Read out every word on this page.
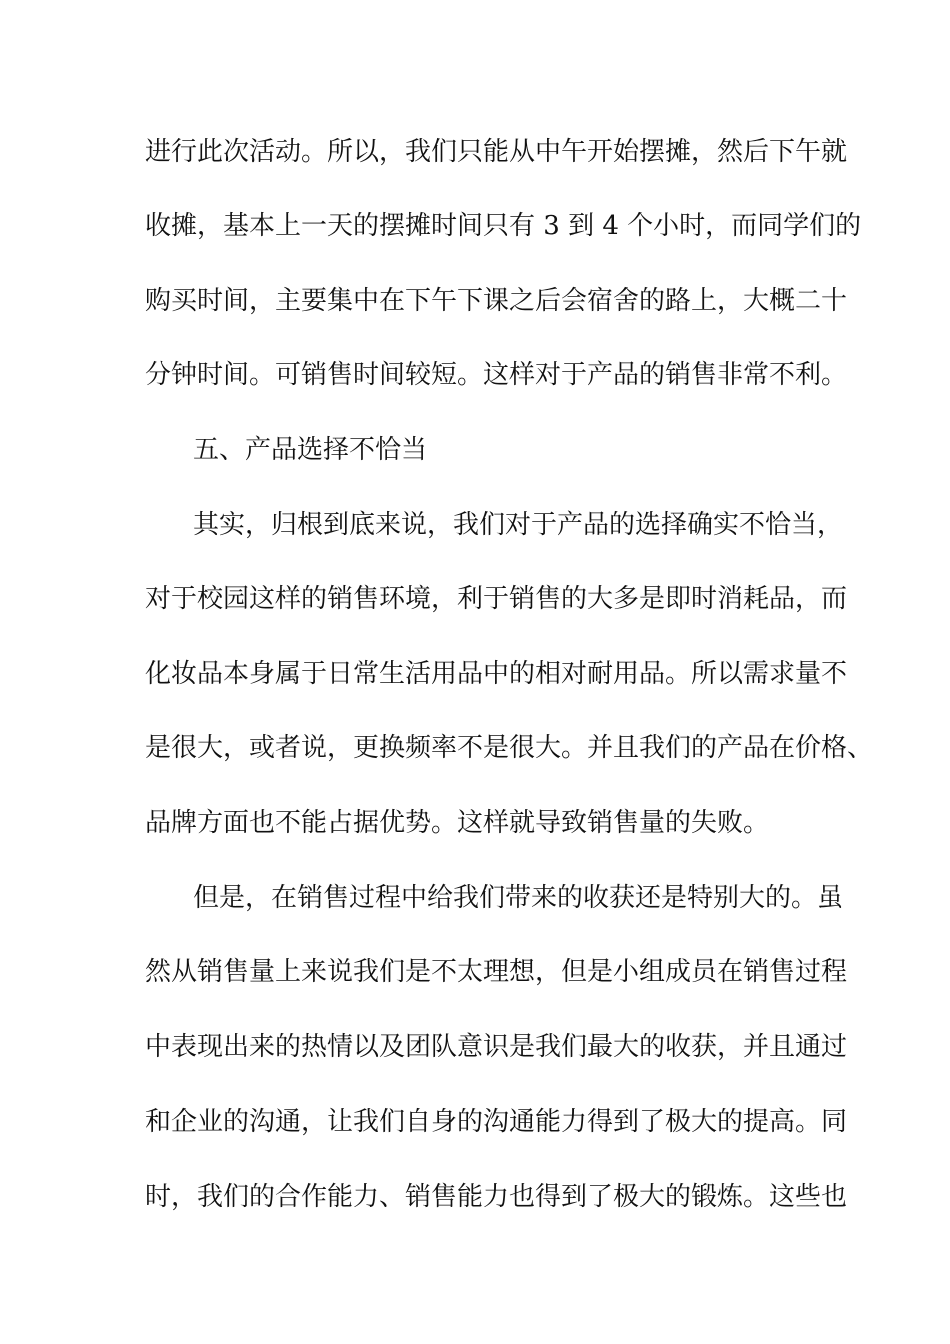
进行此次活动。所以，我们只能从中午开始摆摊，然后下午就
收摊，基本上一天的摆摊时间只有 3 到 4 个小时，而同学们的
购买时间，主要集中在下午下课之后会宿舍的路上，大概二十
分钟时间。可销售时间较短。这样对于产品的销售非常不利。
五、产品选择不恰当
其实，归根到底来说，我们对于产品的选择确实不恰当，
对于校园这样的销售环境，利于销售的大多是即时消耗品，而
化妆品本身属于日常生活用品中的相对耐用品。所以需求量不
是很大，或者说，更换频率不是很大。并且我们的产品在价格、
品牌方面也不能占据优势。这样就导致销售量的失败。
但是，在销售过程中给我们带来的收获还是特别大的。虽
然从销售量上来说我们是不太理想，但是小组成员在销售过程
中表现出来的热情以及团队意识是我们最大的收获，并且通过
和企业的沟通，让我们自身的沟通能力得到了极大的提高。同
时，我们的合作能力、销售能力也得到了极大的锻炼。这些也
